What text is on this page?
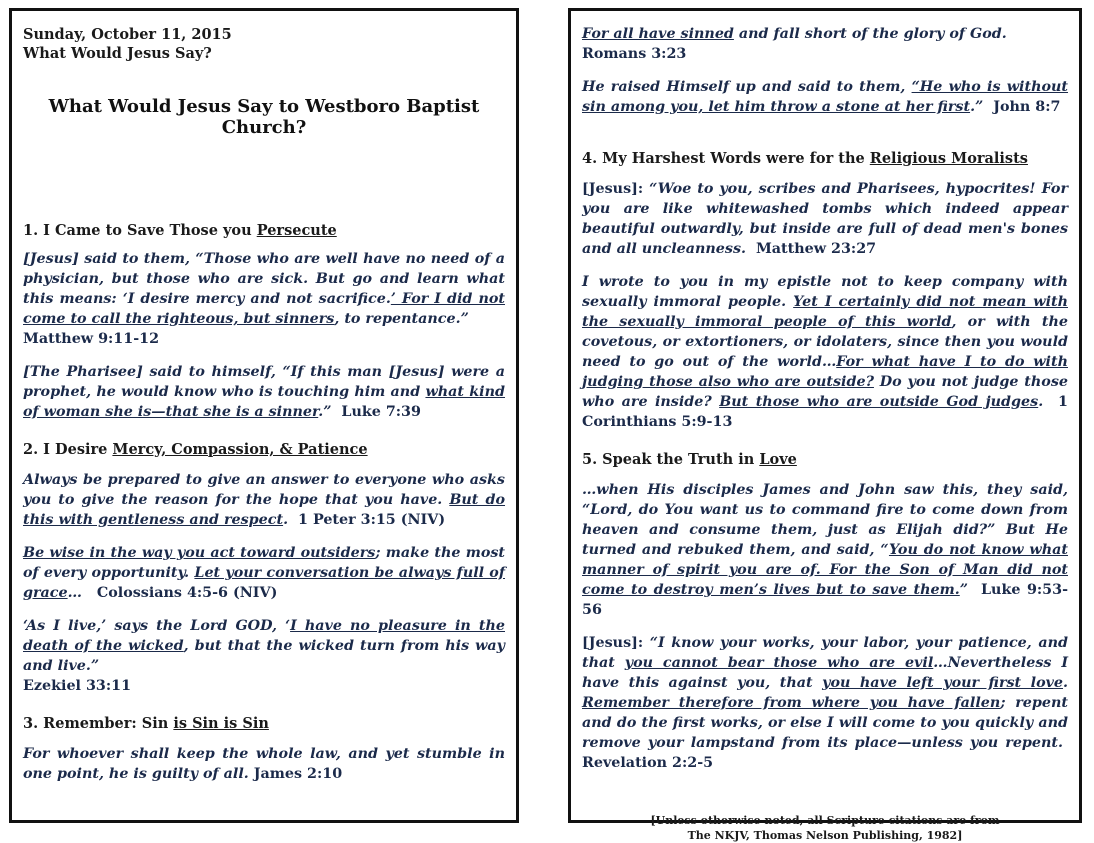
Sunday, October 11, 2015
What Would Jesus Say?
What Would Jesus Say to Westboro Baptist Church?
1. I Came to Save Those you Persecute

[Jesus] said to them, “Those who are well have no need of a physician, but those who are sick. But go and learn what this means: ‘I desire mercy and not sacrifice.’ For I did not come to call the righteous, but sinners, to repentance.”
Matthew 9:11-12

[The Pharisee] said to himself, “If this man [Jesus] were a prophet, he would know who is touching him and what kind of woman she is—that she is a sinner.” Luke 7:39

2. I Desire Mercy, Compassion, & Patience

Always be prepared to give an answer to everyone who asks you to give the reason for the hope that you have. But do this with gentleness and respect. 1 Peter 3:15 (NIV)

Be wise in the way you act toward outsiders; make the most of every opportunity. Let your conversation be always full of grace… Colossians 4:5-6 (NIV)

‘As I live,’ says the Lord GOD, ‘I have no pleasure in the death of the wicked, but that the wicked turn from his way and live.”
Ezekiel 33:11

3. Remember: Sin is Sin is Sin

For whoever shall keep the whole law, and yet stumble in one point, he is guilty of all. James 2:10

For all have sinned and fall short of the glory of God.
Romans 3:23

He raised Himself up and said to them, “He who is without sin among you, let him throw a stone at her first.” John 8:7

4. My Harshest Words were for the Religious Moralists

[Jesus]: “Woe to you, scribes and Pharisees, hypocrites! For you are like whitewashed tombs which indeed appear beautiful outwardly, but inside are full of dead men's bones and all uncleanness. Matthew 23:27

I wrote to you in my epistle not to keep company with sexually immoral people. Yet I certainly did not mean with the sexually immoral people of this world, or with the covetous, or extortioners, or idolaters, since then you would need to go out of the world…For what have I to do with judging those also who are outside? Do you not judge those who are inside? But those who are outside God judges. 1 Corinthians 5:9-13

5. Speak the Truth in Love

…when His disciples James and John saw this, they said, “Lord, do You want us to command fire to come down from heaven and consume them, just as Elijah did?” But He turned and rebuked them, and said, “You do not know what manner of spirit you are of. For the Son of Man did not come to destroy men’s lives but to save them.” Luke 9:53-56

[Jesus]: “I know your works, your labor, your patience, and that you cannot bear those who are evil…Nevertheless I have this against you, that you have left your first love. Remember therefore from where you have fallen; repent and do the first works, or else I will come to you quickly and remove your lampstand from its place—unless you repent.  Revelation 2:2-5

[Unless otherwise noted, all Scripture citations are from
The NKJV, Thomas Nelson Publishing, 1982]
